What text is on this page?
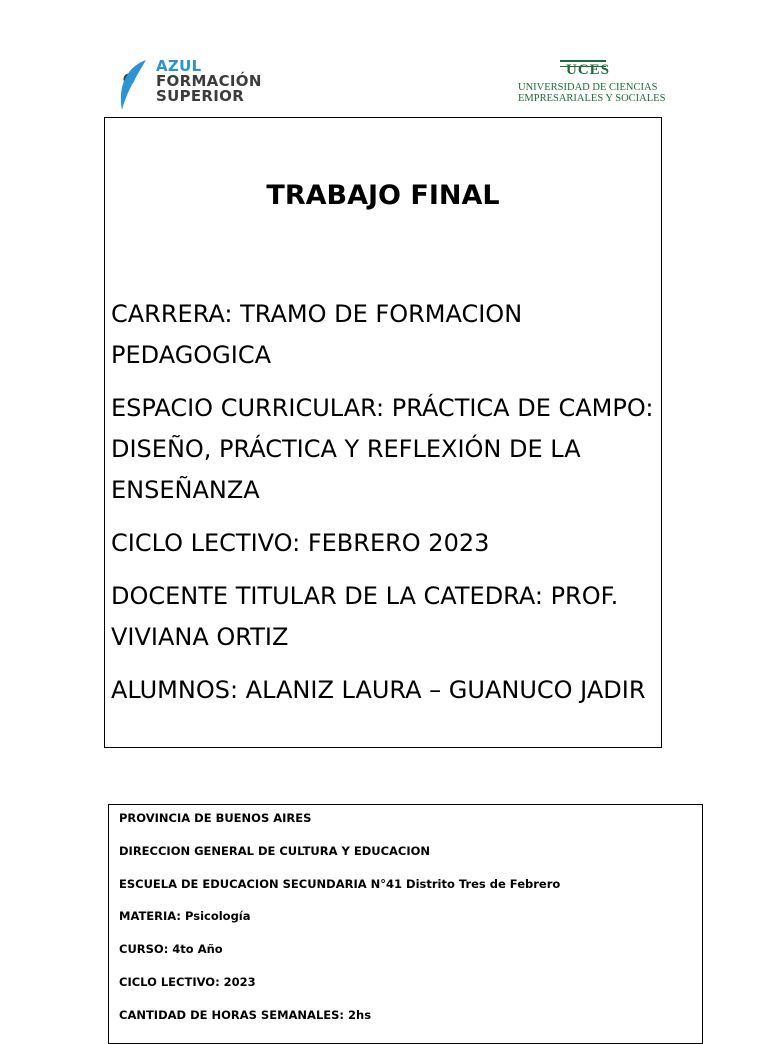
AZUL
FORMACIÓN
SUPERIOR
UCES
UNIVERSIDAD DE CIENCIAS
EMPRESARIALES Y SOCIALES
TRABAJO FINAL

CARRERA: TRAMO DE FORMACION PEDAGOGICA

ESPACIO CURRICULAR: PRÁCTICA DE CAMPO: DISEÑO, PRÁCTICA Y REFLEXIÓN DE LA ENSEÑANZA

CICLO LECTIVO: FEBRERO 2023

DOCENTE TITULAR DE LA CATEDRA: PROF. VIVIANA ORTIZ

ALUMNOS: ALANIZ LAURA – GUANUCO JADIR

PROVINCIA DE BUENOS AIRES
DIRECCION GENERAL DE CULTURA Y EDUCACION
ESCUELA DE EDUCACION SECUNDARIA N°41 Distrito Tres de Febrero
MATERIA: Psicología
CURSO: 4to Año
CICLO LECTIVO: 2023
CANTIDAD DE HORAS SEMANALES: 2hs
